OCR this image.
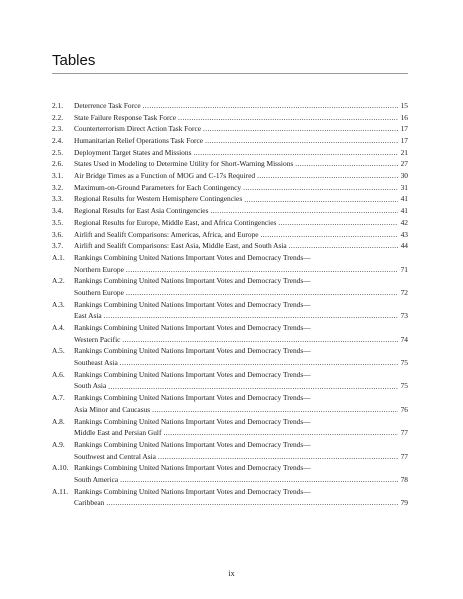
Tables
2.1.	Deterrence Task Force .....	15
2.2.	State Failure Response Task Force .....	16
2.3.	Counterterrorism Direct Action Task Force .....	17
2.4.	Humanitarian Relief Operations Task Force .....	17
2.5.	Deployment Target States and Missions .....	21
2.6.	States Used in Modeling to Determine Utility for Short-Warning Missions .....	27
3.1.	Air Bridge Times as a Function of MOG and C-17s Required .....	30
3.2.	Maximum-on-Ground Parameters for Each Contingency .....	31
3.3.	Regional Results for Western Hemisphere Contingencies .....	41
3.4.	Regional Results for East Asia Contingencies .....	41
3.5.	Regional Results for Europe, Middle East, and Africa Contingencies .....	42
3.6.	Airlift and Sealift Comparisons: Americas, Africa, and Europe .....	43
3.7.	Airlift and Sealift Comparisons: East Asia, Middle East, and South Asia .....	44
A.1.	Rankings Combining United Nations Important Votes and Democracy Trends—
Northern Europe .....	71
A.2.	Rankings Combining United Nations Important Votes and Democracy Trends—
Southern Europe .....	72
A.3.	Rankings Combining United Nations Important Votes and Democracy Trends—
East Asia .....	73
A.4.	Rankings Combining United Nations Important Votes and Democracy Trends—
Western Pacific .....	74
A.5.	Rankings Combining United Nations Important Votes and Democracy Trends—
Southeast Asia .....	75
A.6.	Rankings Combining United Nations Important Votes and Democracy Trends—
South Asia .....	75
A.7.	Rankings Combining United Nations Important Votes and Democracy Trends—
Asia Minor and Caucasus .....	76
A.8.	Rankings Combining United Nations Important Votes and Democracy Trends—
Middle East and Persian Gulf .....	77
A.9.	Rankings Combining United Nations Important Votes and Democracy Trends—
Southwest and Central Asia .....	77
A.10. Rankings Combining United Nations Important Votes and Democracy Trends—
South America .....	78
A.11. Rankings Combining United Nations Important Votes and Democracy Trends—
Caribbean .....	79
ix
